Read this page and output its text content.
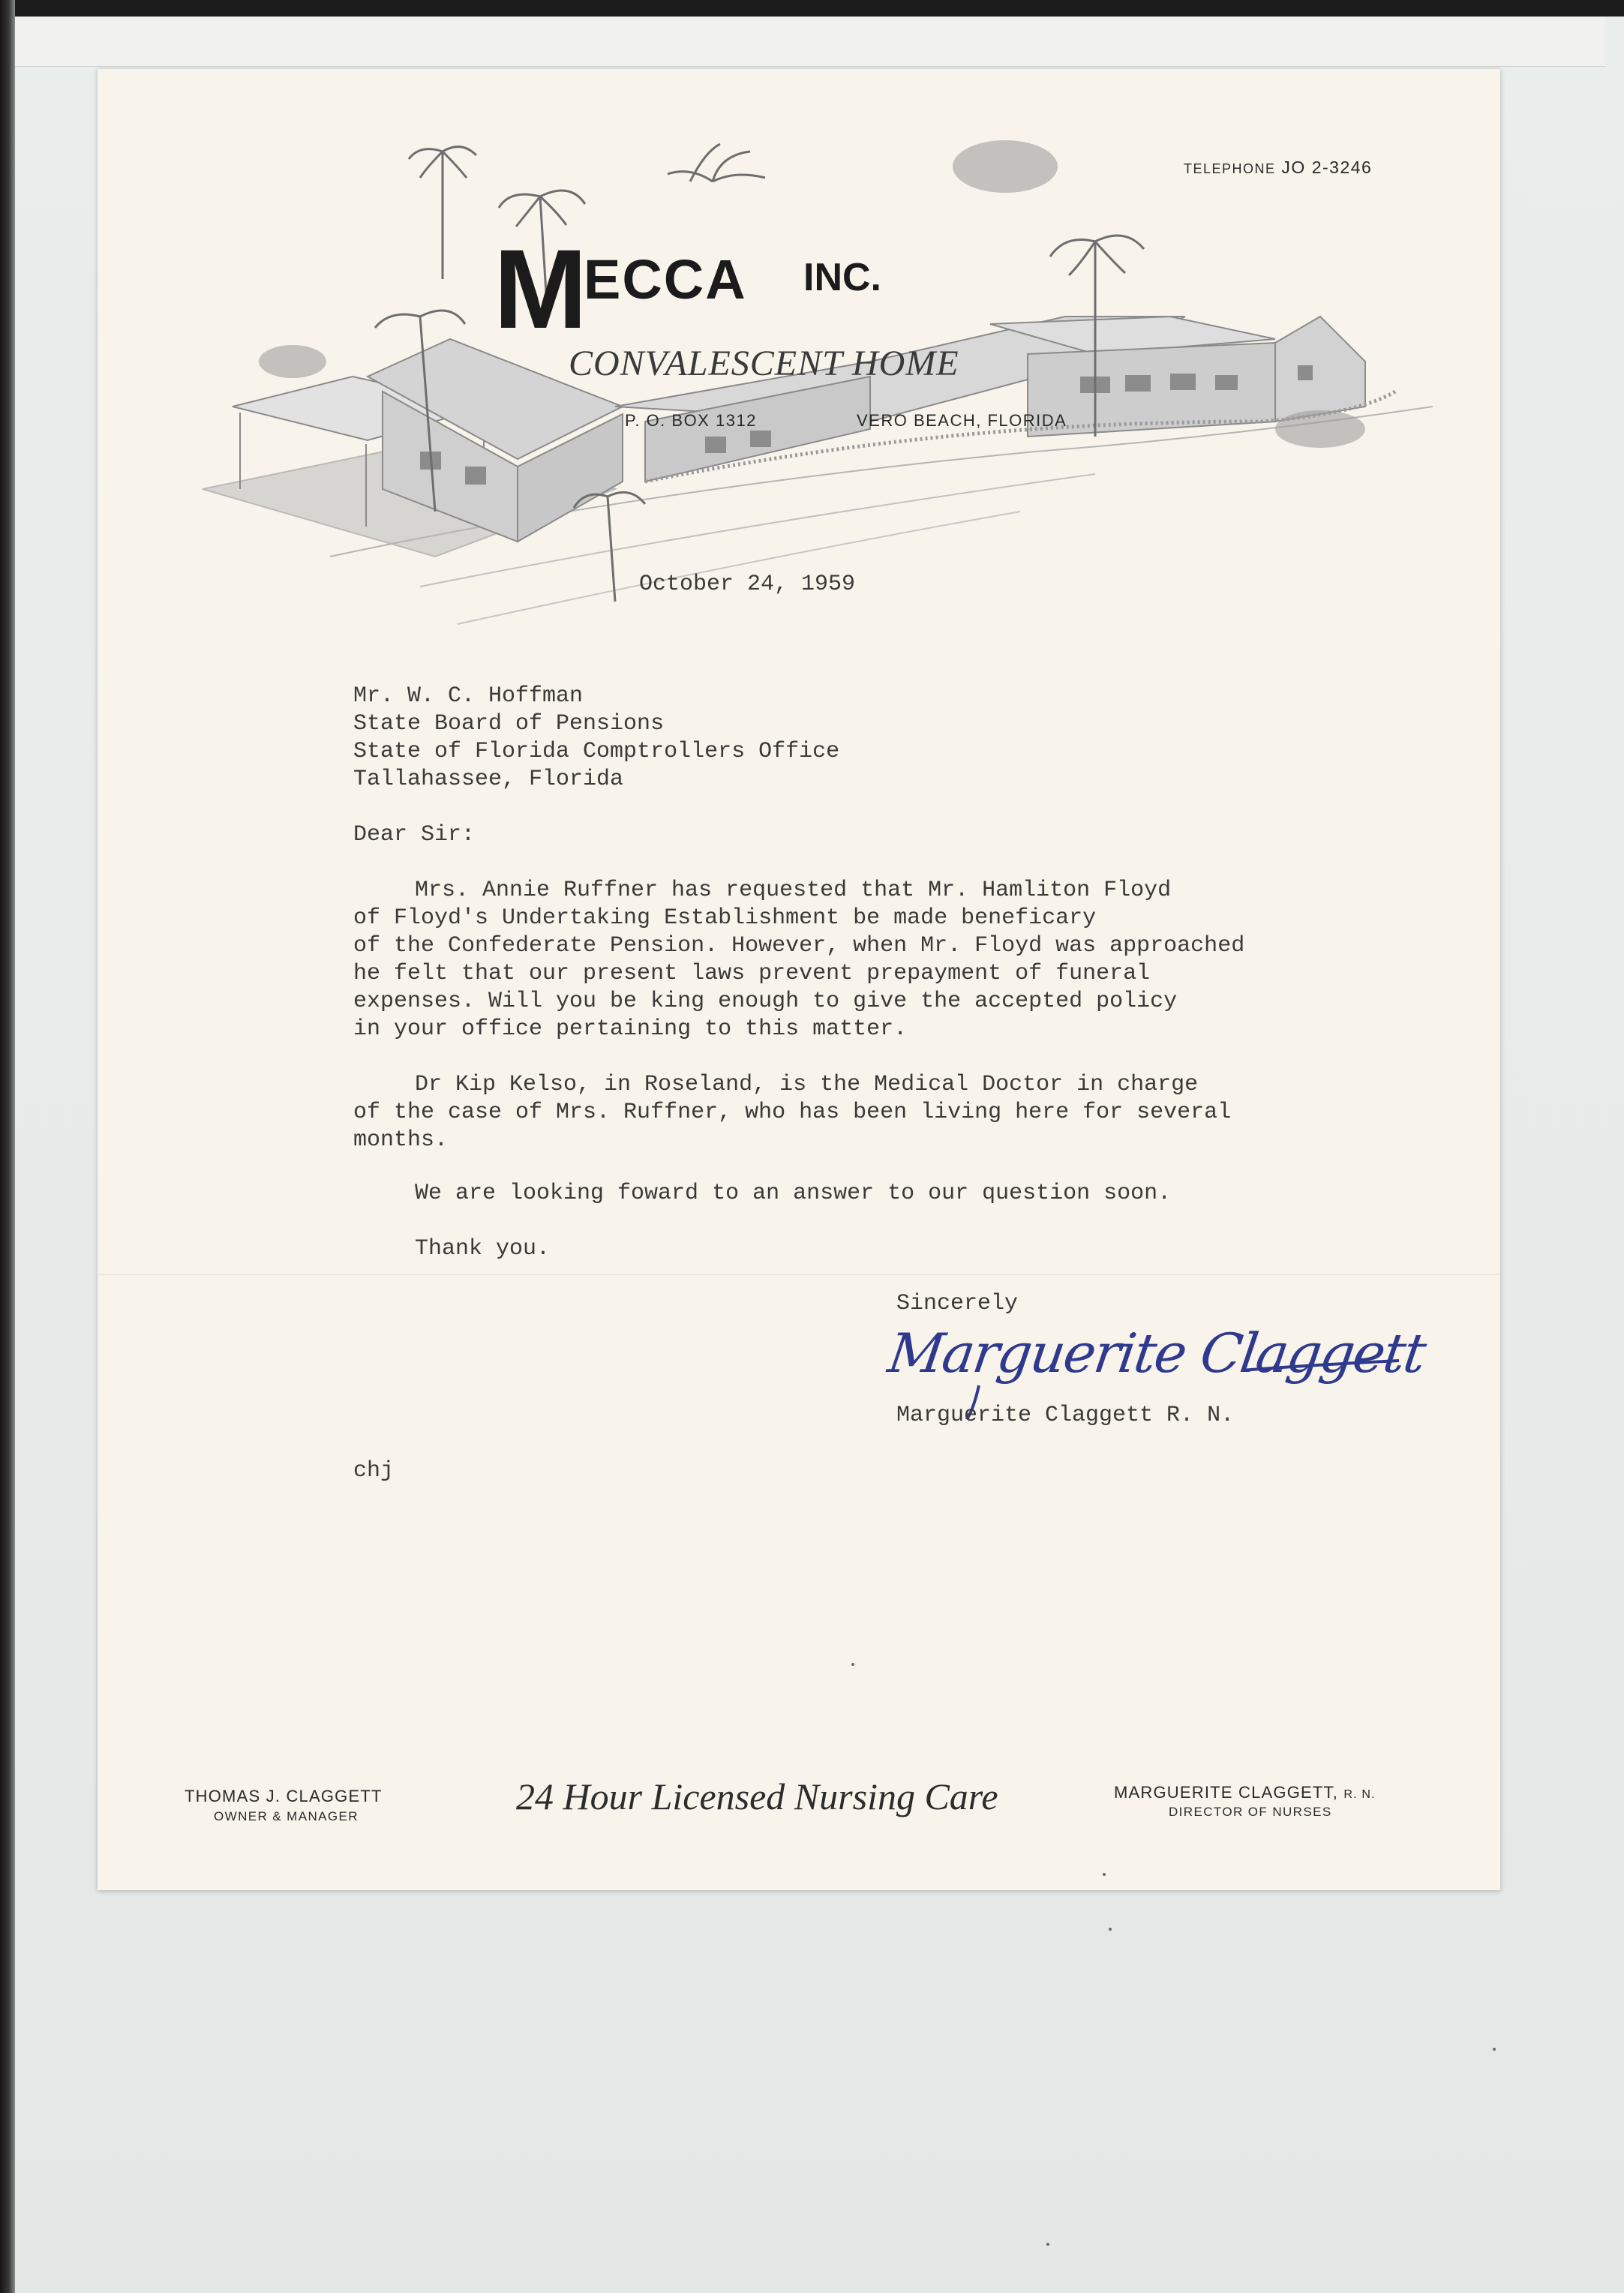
TELEPHONE JO 2-3246
M ECCA INC.
CONVALESCENT HOME
P. O. BOX 1312	VERO BEACH, FLORIDA
October 24, 1959
Mr. W. C. Hoffman
State Board of Pensions
State of Florida Comptrollers Office
Tallahassee, Florida
Dear Sir:
Mrs. Annie Ruffner has requested that Mr. Hamliton Floyd
of Floyd's Undertaking Establishment be made beneficary
of the Confederate Pension. However, when Mr. Floyd was approached
he felt that our present laws prevent prepayment of funeral
expenses. Will you be king enough to give the accepted policy
in your office pertaining to this matter.
Dr Kip Kelso, in Roseland, is the Medical Doctor in charge
of the case of Mrs. Ruffner, who has been living here for several
months.
We are looking foward to an answer to our question soon.
Thank you.
Sincerely
Marguerite Claggett
Marguerite Claggett R. N.
chj
THOMAS J. CLAGGETT
OWNER & MANAGER	24 Hour Licensed Nursing Care	MARGUERITE CLAGGETT, R. N.
DIRECTOR OF NURSES
